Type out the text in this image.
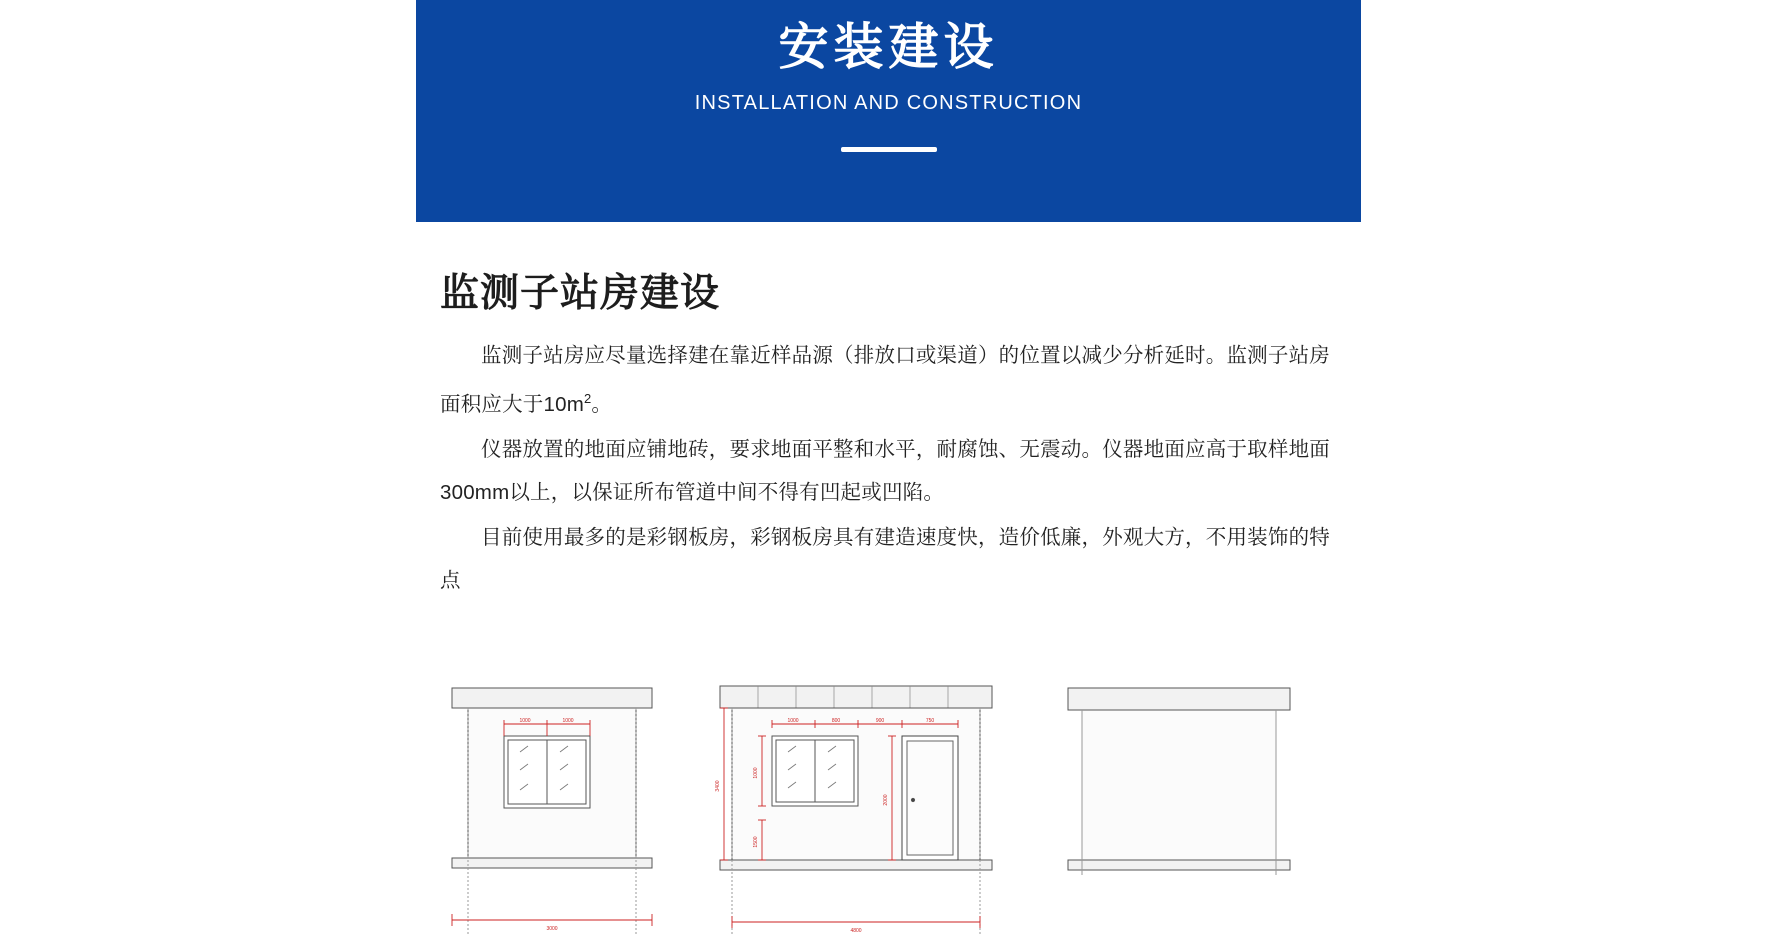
安装建设
INSTALLATION AND CONSTRUCTION
监测子站房建设

监测子站房应尽量选择建在靠近样品源（排放口或渠道）的位置以减少分析延时。监测子站房面积应大于$10m^2$。

仪器放置的地面应铺地砖，要求地面平整和水平，耐腐蚀、无震动。仪器地面应高于取样地面300mm以上，以保证所布管道中间不得有凹起或凹陷。

目前使用最多的是彩钢板房，彩钢板房具有建造速度快，造价低廉，外观大方，不用装饰的特点

1000	1000
3000
1000	800	900	750
1000
1500
2000
3400
4800
